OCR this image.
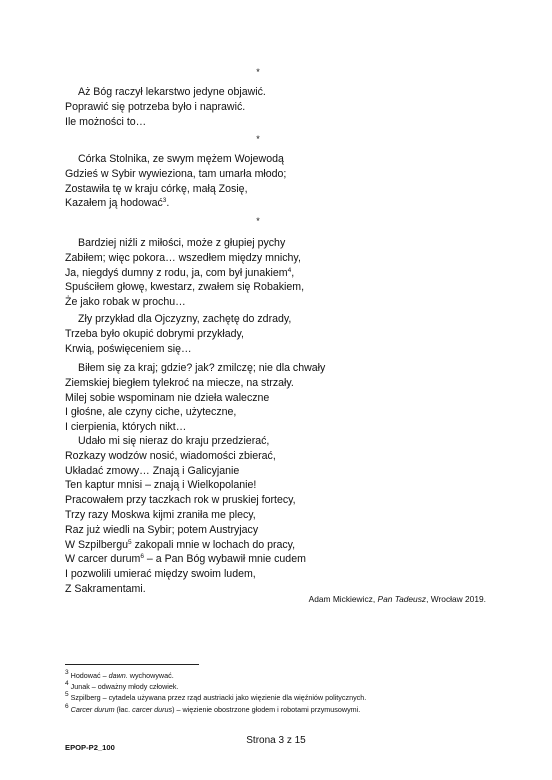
*
Aż Bóg raczył lekarstwo jedyne objawić.
Poprawić się potrzeba było i naprawić.
Ile możności to…
*
Córka Stolnika, ze swym mężem Wojewodą
Gdzieś w Sybir wywieziona, tam umarła młodo;
Zostawiła tę w kraju córkę, małą Zosię,
Kazałem ją hodować$^3$.
*
Bardziej niźli z miłości, może z głupiej pychy
Zabiłem; więc pokora… wszedłem między mnichy,
Ja, niegdyś dumny z rodu, ja, com był junakiem$^4$,
Spuściłem głowę, kwestarz, zwałem się Robakiem,
Że jako robak w prochu…
Zły przykład dla Ojczyzny, zachętę do zdrady,
Trzeba było okupić dobrymi przykłady,
Krwią, poświęceniem się…
Biłem się za kraj; gdzie? jak? zmilczę; nie dla chwały
Ziemskiej biegłem tylekroć na miecze, na strzały.
Milej sobie wspominam nie dzieła waleczne
I głośne, ale czyny ciche, użyteczne,
I cierpienia, których nikt…
Udało mi się nieraz do kraju przedzierać,
Rozkazy wodzów nosić, wiadomości zbierać,
Układać zmowy… Znają i Galicyjanie
Ten kaptur mnisi – znają i Wielkopolanie!
Pracowałem przy taczkach rok w pruskiej fortecy,
Trzy razy Moskwa kijmi zraniła me plecy,
Raz już wiedli na Sybir; potem Austryjacy
W Szpilbergu$^5$ zakopali mnie w lochach do pracy,
W carcer durum$^6$ – a Pan Bóg wybawił mnie cudem
I pozwolili umierać między swoim ludem,
Z Sakramentami.
Adam Mickiewicz, Pan Tadeusz, Wrocław 2019.
$^3$ Hodować – dawn. wychowywać.
$^4$ Junak – odważny młody człowiek.
$^5$ Szpilberg – cytadela używana przez rząd austriacki jako więzienie dla więźniów politycznych.
$^6$ Carcer durum (łac. carcer durus) – więzienie obostrzone głodem i robotami przymusowymi.
Strona 3 z 15
EPOP-P2_100
